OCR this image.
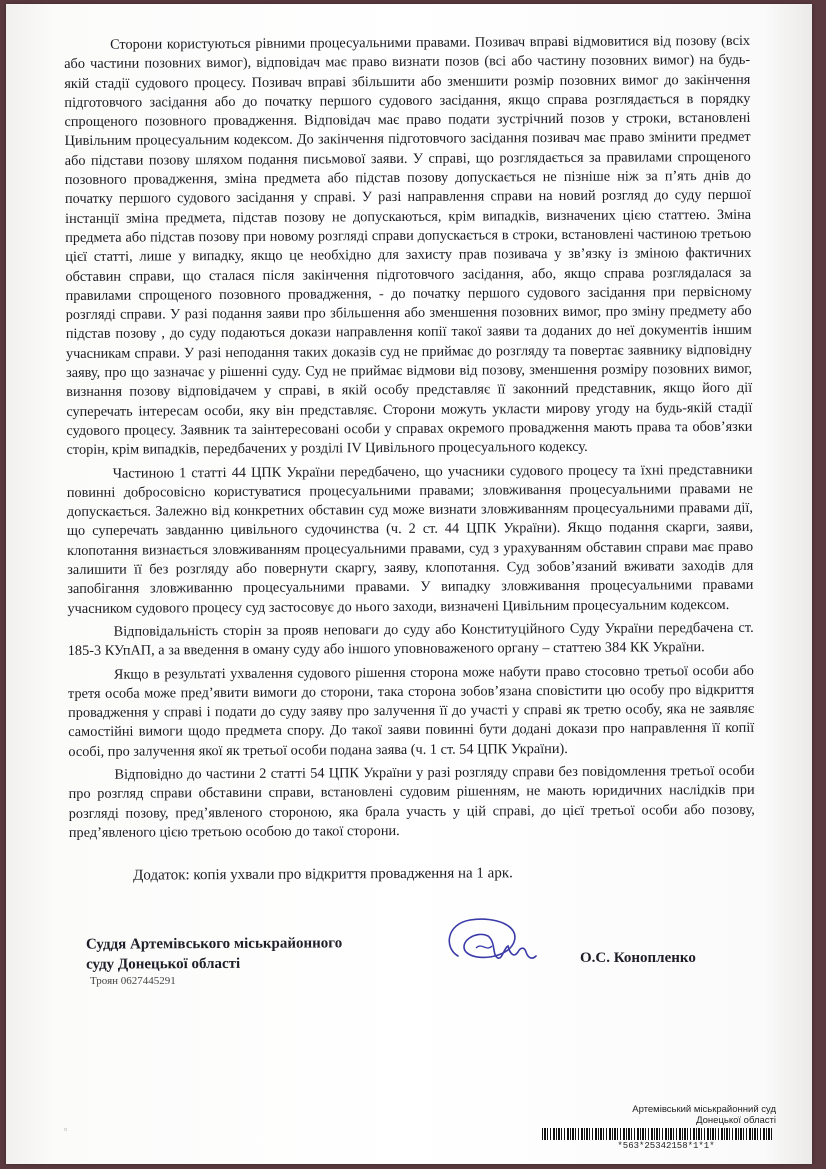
Сторони користуються рівними процесуальними правами. Позивач вправі відмовитися від позову (всіх або частини позовних вимог), відповідач має право визнати позов (всі або частину позовних вимог) на будь-якій стадії судового процесу. Позивач вправі збільшити або зменшити розмір позовних вимог до закінчення підготовчого засідання або до початку першого судового засідання, якщо справа розглядається в порядку спрощеного позовного провадження. Відповідач має право подати зустрічний позов у строки, встановлені Цивільним процесуальним кодексом. До закінчення підготовчого засідання позивач має право змінити предмет або підстави позову шляхом подання письмової заяви. У справі, що розглядається за правилами спрощеного позовного провадження, зміна предмета або підстав позову допускається не пізніше ніж за п’ять днів до початку першого судового засідання у справі. У разі направлення справи на новий розгляд до суду першої інстанції зміна предмета, підстав позову не допускаються, крім випадків, визначених цією статтею. Зміна предмета або підстав позову при новому розгляді справи допускається в строки, встановлені частиною третьою цієї статті, лише у випадку, якщо це необхідно для захисту прав позивача у зв’язку із зміною фактичних обставин справи, що сталася після закінчення підготовчого засідання, або, якщо справа розглядалася за правилами спрощеного позовного провадження, - до початку першого судового засідання при первісному розгляді справи. У разі подання заяви про збільшення або зменшення позовних вимог, про зміну предмету або підстав позову , до суду подаються докази направлення копії такої заяви та доданих до неї документів іншим учасникам справи. У разі неподання таких доказів суд не приймає до розгляду та повертає заявнику відповідну заяву, про що зазначає у рішенні суду. Суд не приймає відмови від позову, зменшення розміру позовних вимог, визнання позову відповідачем у справі, в якій особу представляє її законний представник, якщо його дії суперечать інтересам особи, яку він представляє. Сторони можуть укласти мирову угоду на будь-якій стадії судового процесу. Заявник та заінтересовані особи у справах окремого провадження мають права та обов’язки сторін, крім випадків, передбачених у розділі IV Цивільного процесуального кодексу.

Частиною 1 статті 44 ЦПК України передбачено, що учасники судового процесу та їхні представники повинні добросовісно користуватися процесуальними правами; зловживання процесуальними правами не допускається. Залежно від конкретних обставин суд може визнати зловживанням процесуальними правами дії, що суперечать завданню цивільного судочинства (ч. 2 ст. 44 ЦПК України). Якщо подання скарги, заяви, клопотання визнається зловживанням процесуальними правами, суд з урахуванням обставин справи має право залишити її без розгляду або повернути скаргу, заяву, клопотання. Суд зобов’язаний вживати заходів для запобігання зловживанню процесуальними правами. У випадку зловживання процесуальними правами учасником судового процесу суд застосовує до нього заходи, визначені Цивільним процесуальним кодексом.

Відповідальність сторін за прояв неповаги до суду або Конституційного Суду України передбачена ст. 185-3 КУпАП, а за введення в оману суду або іншого уповноваженого органу – статтею 384 КК України.

Якщо в результаті ухвалення судового рішення сторона може набути право стосовно третьої особи або третя особа може пред’явити вимоги до сторони, така сторона зобов’язана сповістити цю особу про відкриття провадження у справі і подати до суду заяву про залучення її до участі у справі як третю особу, яка не заявляє самостійні вимоги щодо предмета спору. До такої заяви повинні бути додані докази про направлення її копії особі, про залучення якої як третьої особи подана заява (ч. 1 ст. 54 ЦПК України).

Відповідно до частини 2 статті 54 ЦПК України у разі розгляду справи без повідомлення третьої особи про розгляд справи обставини справи, встановлені судовим рішенням, не мають юридичних наслідків при розгляді позову, пред’явленого стороною, яка брала участь у цій справі, до цієї третьої особи або позову, пред’явленого цією третьою особою до такої сторони.

Додаток: копія ухвали про відкриття провадження на 1 арк.

Суддя Артемівського міськрайонного
суду Донецької області
Троян 0627445291
О.С. Конопленко
▫
Артемівський міськрайонний суд
Донецької області
*563*25342158*1*1*
